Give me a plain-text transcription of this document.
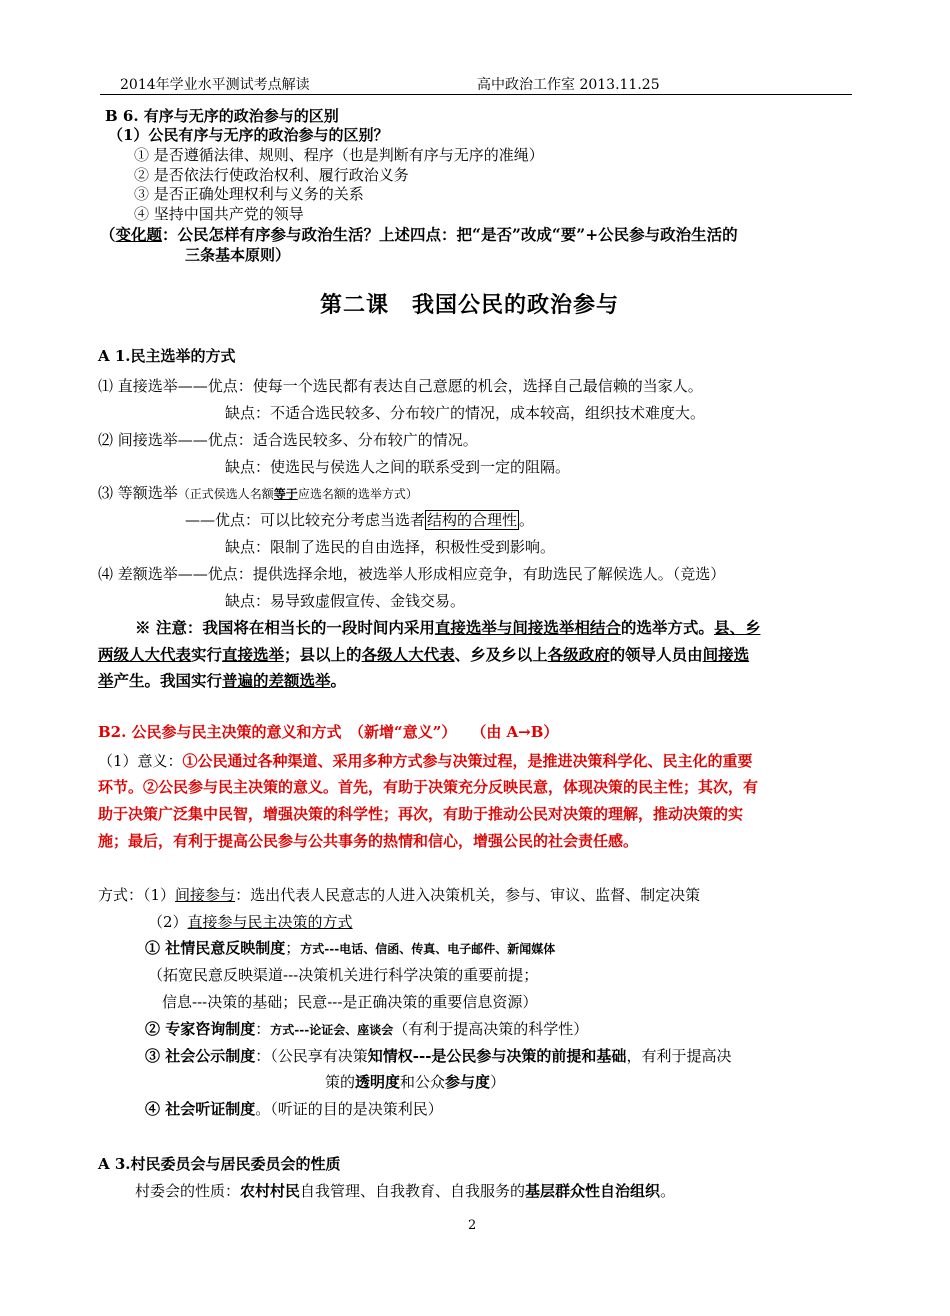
2014年学业水平测试考点解读	高中政治工作室 2013.11.25
B 6. 有序与无序的政治参与的区别
（1）公民有序与无序的政治参与的区别？
① 是否遵循法律、规则、程序（也是判断有序与无序的准绳）
② 是否依法行使政治权利、履行政治义务
③ 是否正确处理权利与义务的关系
④ 坚持中国共产党的领导
（变化题：公民怎样有序参与政治生活？上述四点：把“是否”改成“要”+公民参与政治生活的
三条基本原则）
第二课　我国公民的政治参与
A 1.民主选举的方式
⑴ 直接选举——优点：使每一个选民都有表达自己意愿的机会，选择自己最信赖的当家人。
缺点：不适合选民较多、分布较广的情况，成本较高，组织技术难度大。
⑵ 间接选举——优点：适合选民较多、分布较广的情况。
缺点：使选民与侯选人之间的联系受到一定的阻隔。
⑶ 等额选举（正式侯选人名额等于应选名额的选举方式）
——优点：可以比较充分考虑当选者 结构的合理性 。
缺点：限制了选民的自由选择，积极性受到影响。
⑷ 差额选举——优点：提供选择余地，被选举人形成相应竞争，有助选民了解候选人。（竞选）
缺点：易导致虚假宣传、金钱交易。
※ 注意：我国将在相当长的一段时间内采用直接选举与间接选举相结合的选举方式。县、乡
两级人大代表实行直接选举；县以上的各级人大代表、乡及乡以上各级政府的领导人员由间接选
举产生。我国实行普遍的差额选举。
B2. 公民参与民主决策的意义和方式　（新增“意义”）　　（由 A→B）
（1）意义：①公民通过各种渠道、采用多种方式参与决策过程，是推进决策科学化、民主化的重要
环节。②公民参与民主决策的意义。首先，有助于决策充分反映民意，体现决策的民主性；其次，有
助于决策广泛集中民智，增强决策的科学性；再次，有助于推动公民对决策的理解，推动决策的实
施；最后，有利于提高公民参与公共事务的热情和信心，增强公民的社会责任感。
方式：（1）间接参与：选出代表人民意志的人进入决策机关，参与、审议、监督、制定决策
（2）直接参与民主决策的方式
① 社情民意反映制度；方式---电话、信函、传真、电子邮件、新闻媒体
（拓宽民意反映渠道---决策机关进行科学决策的重要前提；
信息---决策的基础；民意---是正确决策的重要信息资源）
② 专家咨询制度：方式---论证会、座谈会（有利于提高决策的科学性）
③ 社会公示制度：（公民享有决策知情权---是公民参与决策的前提和基础，有利于提高决
策的透明度和公众参与度）
④ 社会听证制度。（听证的目的是决策利民）
A 3.村民委员会与居民委员会的性质
村委会的性质：农村村民自我管理、自我教育、自我服务的基层群众性自治组织。
2
